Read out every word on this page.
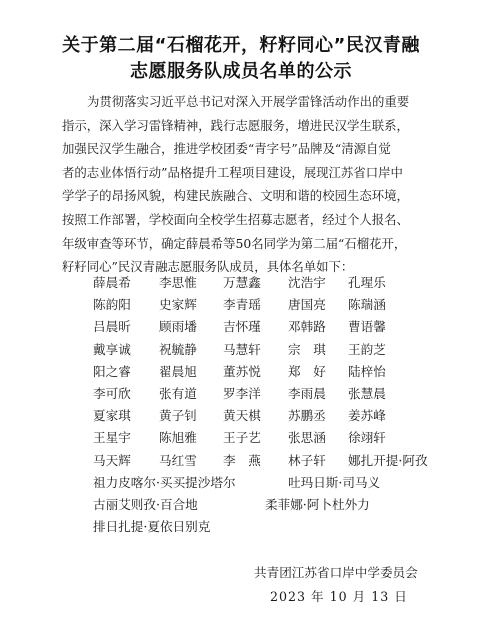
关于第二届“石榴花开，籽籽同心”民汉青融
志愿服务队成员名单的公示
为贯彻落实习近平总书记对深入开展学雷锋活动作出的重要
指示，深入学习雷锋精神，践行志愿服务，增进民汉学生联系，
加强民汉学生融合，推进学校团委“青字号”品牌及“清源自觉
者的志业体悟行动”品格提升工程项目建设，展现江苏省口岸中
学学子的昂扬风貌，构建民族融合、文明和谐的校园生态环境，
按照工作部署，学校面向全校学生招募志愿者，经过个人报名、
年级审查等环节，确定薛晨希等50名同学为第二届“石榴花开，
籽籽同心”民汉青融志愿服务队成员，具体名单如下：
薛晨希 李思惟 万慧鑫 沈浩宇 孔瑆乐
陈韵阳 史家辉 李青瑶 唐国亮 陈瑞涵
吕晨昕 顾雨墦 吉怀瑾 邓韩路 曹语馨
戴享诚 祝毓静 马慧轩 宗　琪 王韵芝
阳之睿 翟晨旭 董苏悦 郑　好 陆梓怡
李可欣 张有道 罗李洋 李雨晨 张慧晨
夏家琪 黄子钊 黄天棋 苏鹏丞 姜苏峰
王星宇 陈旭雅 王子艺 张思涵 徐翊轩
马天辉 马红雪 李　燕 林子轩 娜扎开提·阿孜
祖力皮喀尔·买买提沙塔尔	吐玛日斯·司马义
古丽艾则孜·百合地	柔菲娜·阿卜杜外力
排日扎提·夏依日别克
共青团江苏省口岸中学委员会
2023 年 10 月 13 日
